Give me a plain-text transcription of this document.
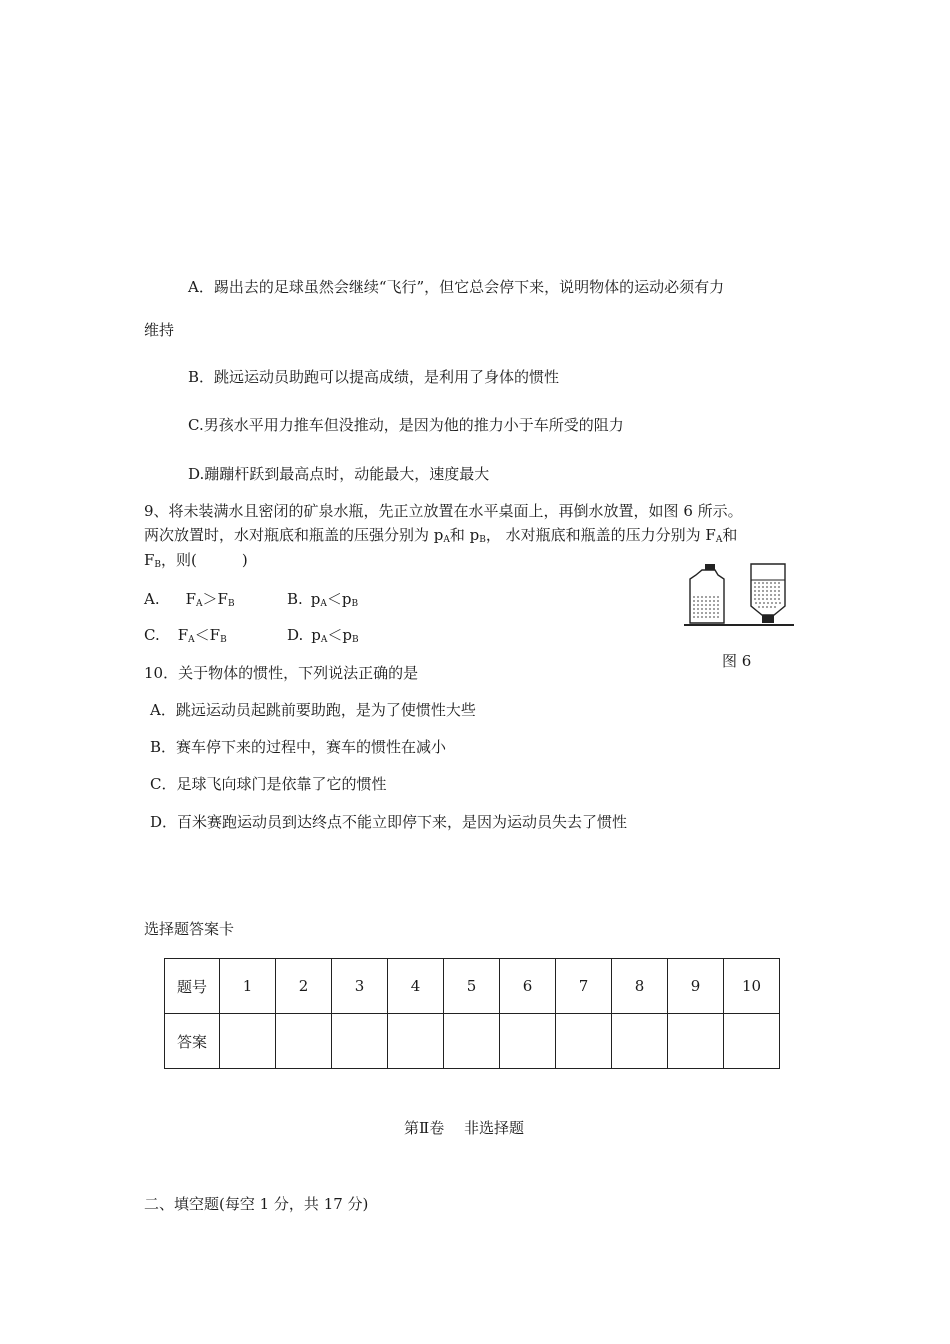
A．踢出去的足球虽然会继续“飞行”，但它总会停下来，说明物体的运动必须有力
维持
B．跳远运动员助跑可以提高成绩，是利用了身体的惯性
C.男孩水平用力推车但没推动，是因为他的推力小于车所受的阻力
D.蹦蹦杆跃到最高点时，动能最大，速度最大
9、将未装满水且密闭的矿泉水瓶，先正立放置在水平桌面上，再倒水放置，如图 6 所示。
两次放置时，水对瓶底和瓶盖的压强分别为 $p_A$和 $p_B$， 水对瓶底和瓶盖的压力分别为 $F_A$和
$F_B$，则(　　　)
A. $F_A>F_B$	B. $p_A<p_B$
C. $F_A<F_B$	D. $p_A<p_B$
图 6
10．关于物体的惯性，下列说法正确的是
A．跳远运动员起跳前要助跑，是为了使惯性大些
B．赛车停下来的过程中，赛车的惯性在减小
C．足球飞向球门是依靠了它的惯性
D．百米赛跑运动员到达终点不能立即停下来，是因为运动员失去了惯性
选择题答案卡
题号	1	2	3	4	5	6	7	8	9	10
答案										
第Ⅱ卷　 非选择题
二、填空题(每空 1 分，共 17 分)
